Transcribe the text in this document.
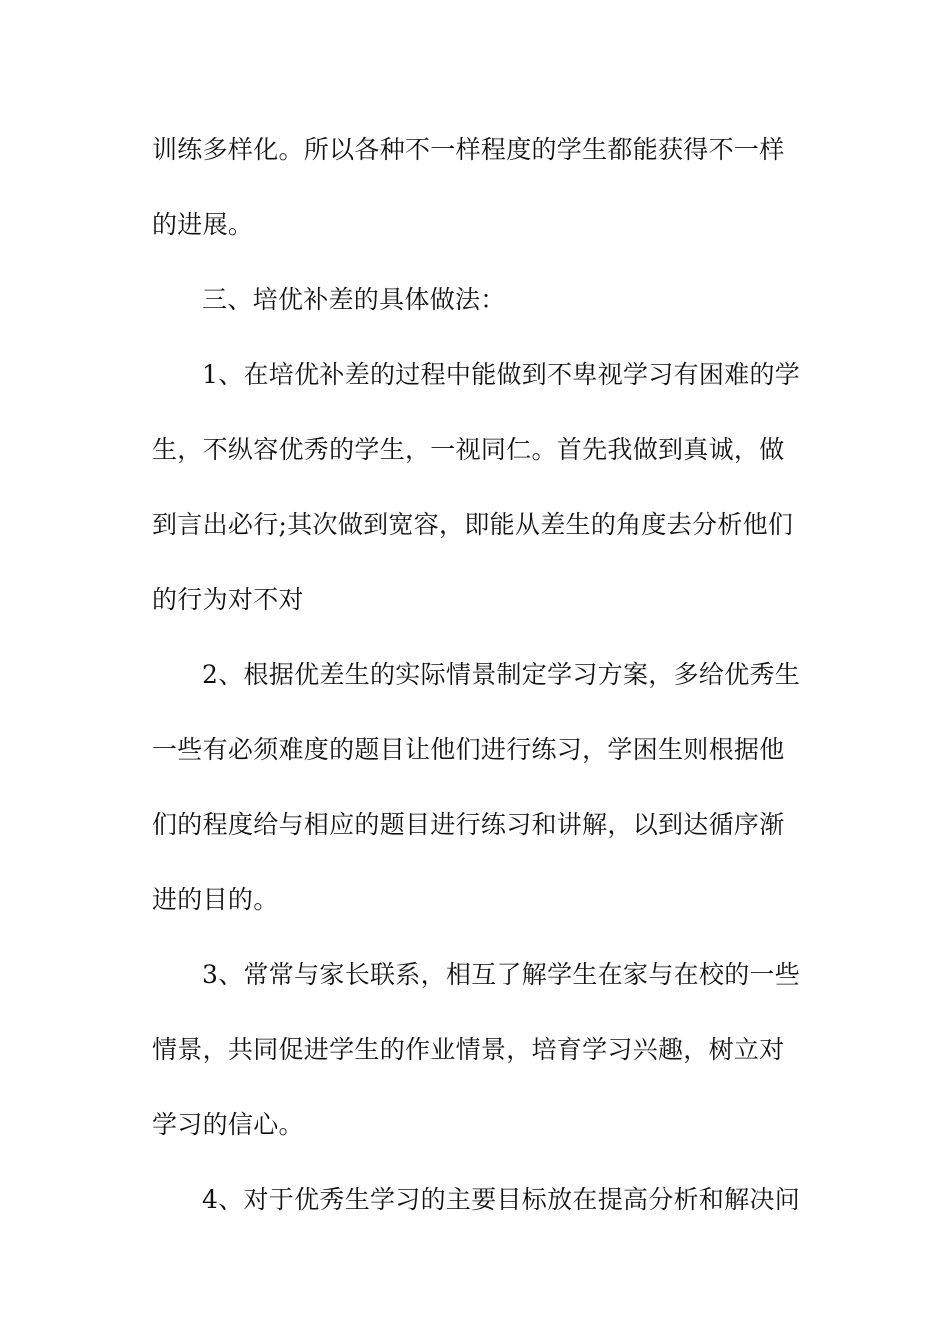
训练多样化。所以各种不一样程度的学生都能获得不一样
的进展。
三、培优补差的具体做法：
1、在培优补差的过程中能做到不卑视学习有困难的学
生，不纵容优秀的学生，一视同仁。首先我做到真诚，做
到言出必行;其次做到宽容，即能从差生的角度去分析他们
的行为对不对
2、根据优差生的实际情景制定学习方案，多给优秀生
一些有必须难度的题目让他们进行练习，学困生则根据他
们的程度给与相应的题目进行练习和讲解，以到达循序渐
进的目的。
3、常常与家长联系，相互了解学生在家与在校的一些
情景，共同促进学生的作业情景，培育学习兴趣，树立对
学习的信心。
4、对于优秀生学习的主要目标放在提高分析和解决问
